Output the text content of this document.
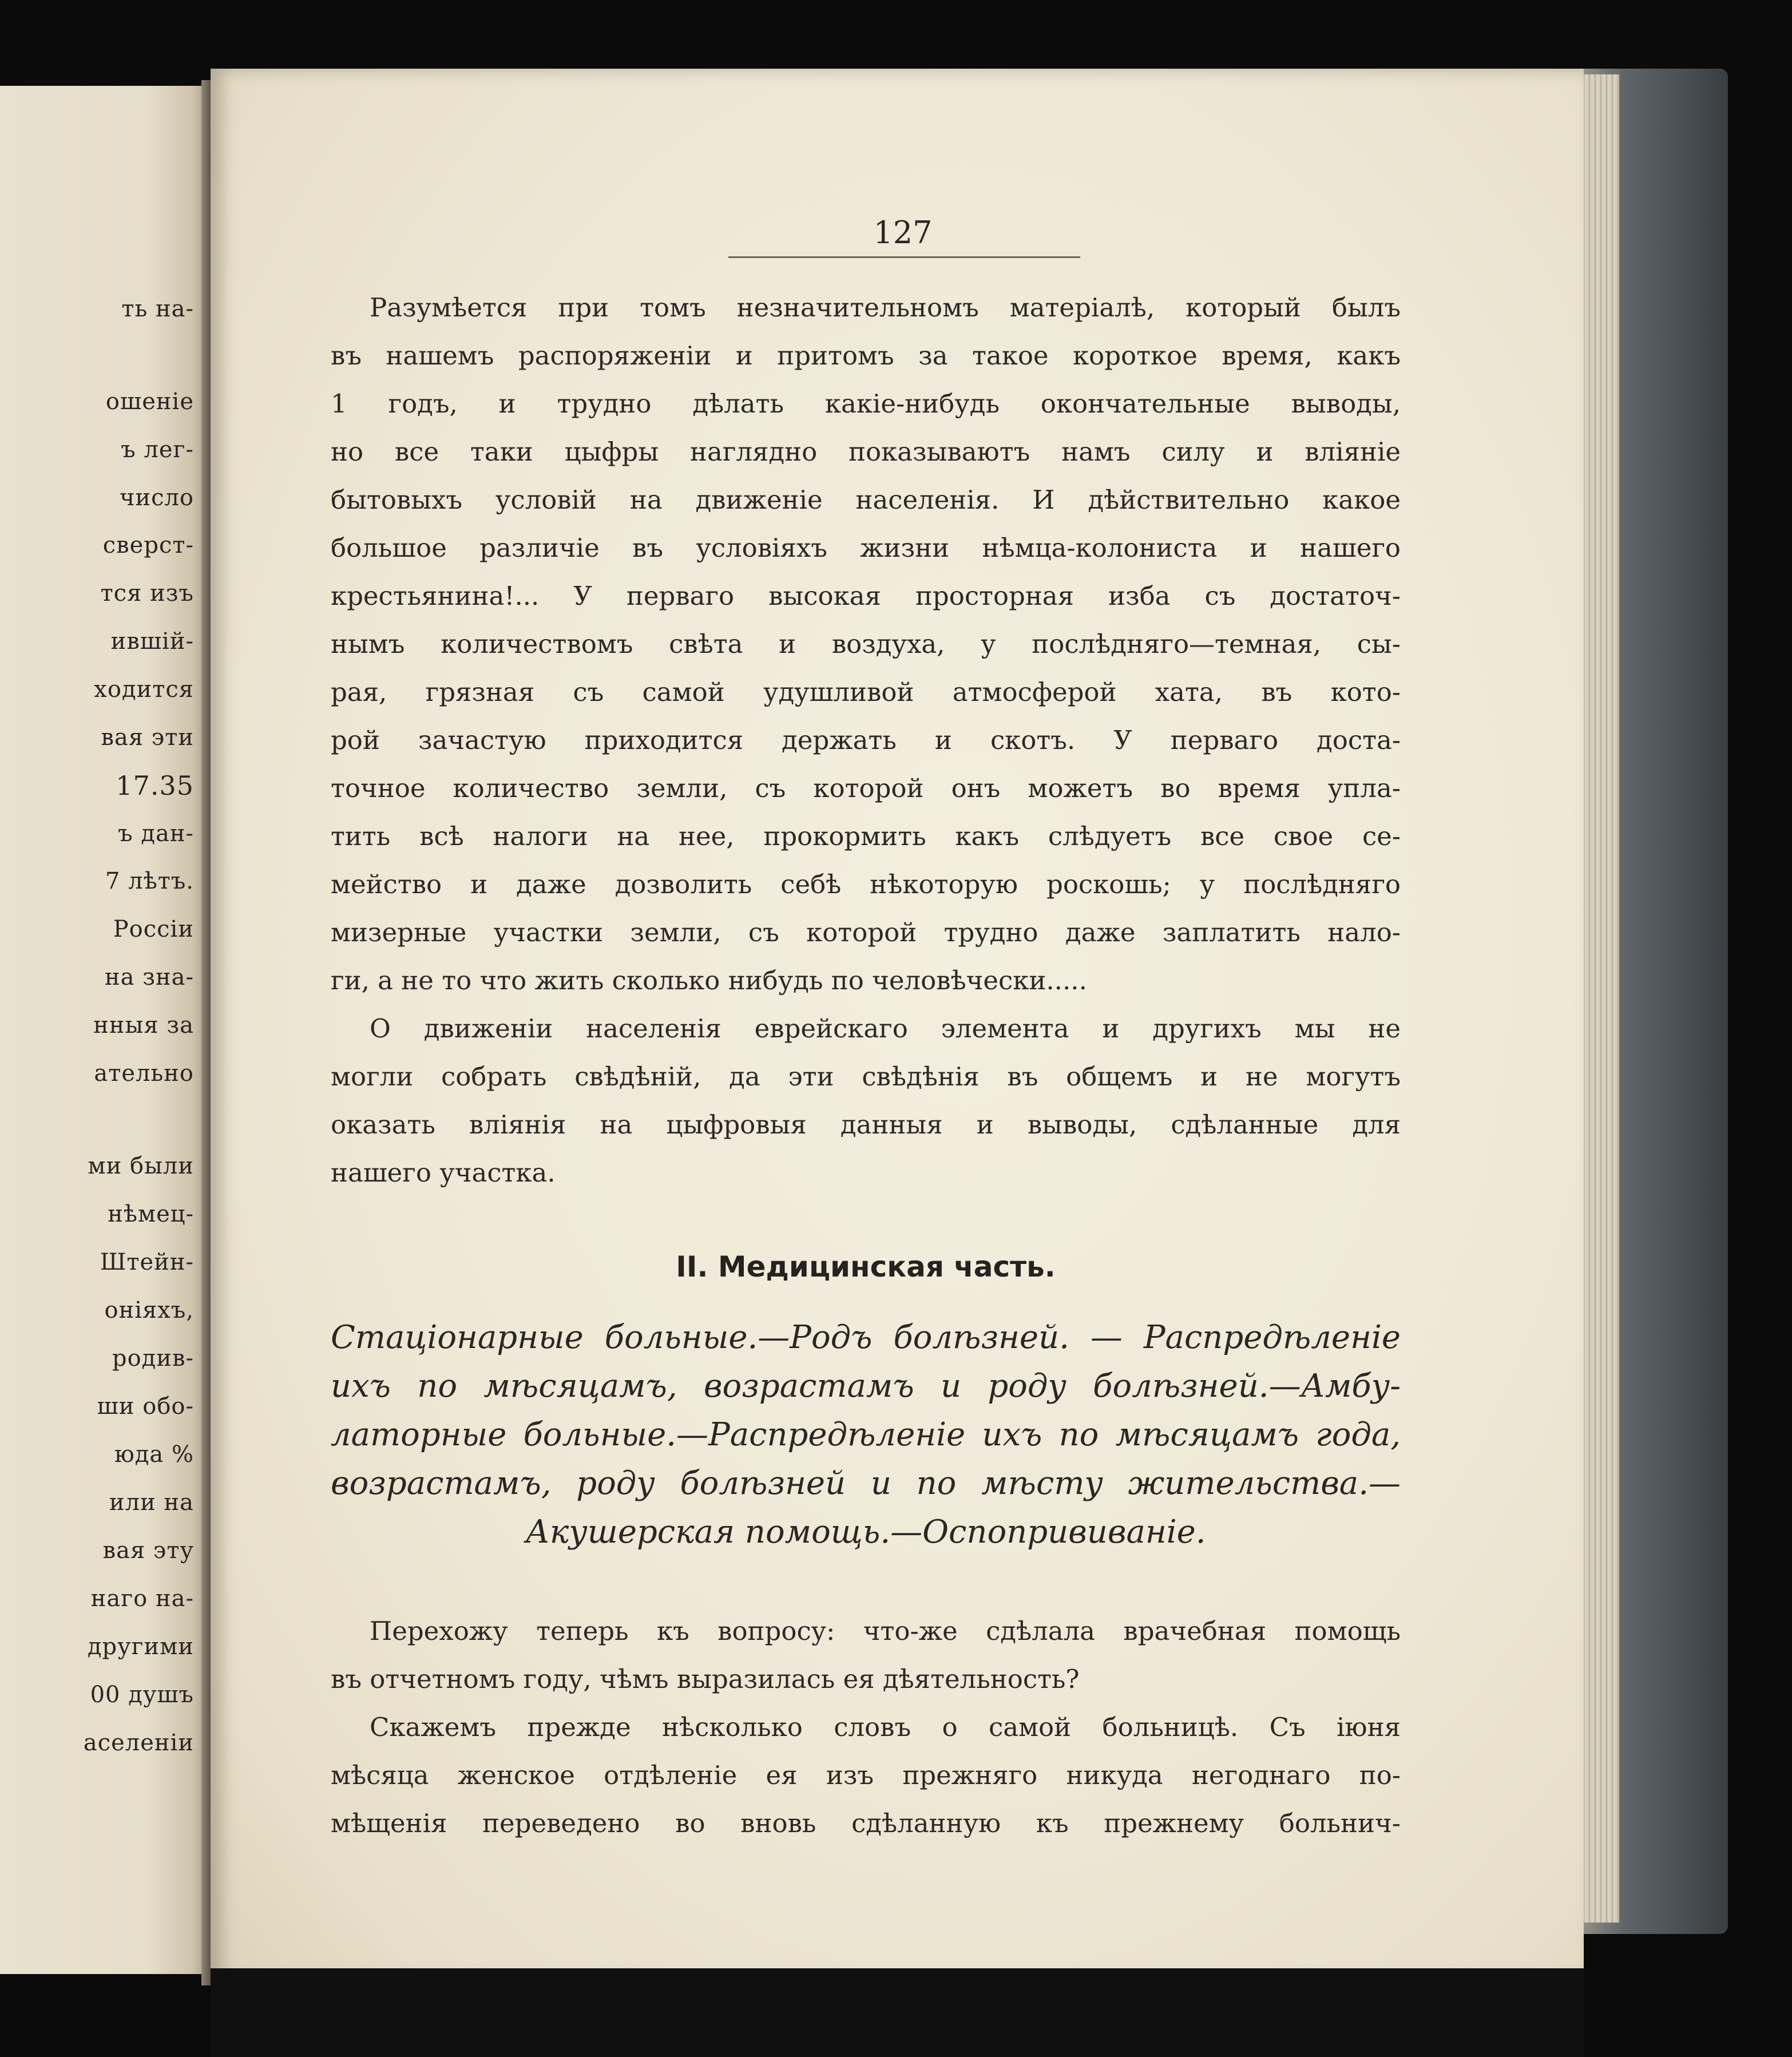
ть на-
ошеніе
ъ лег-
число
сверст-
тся изъ
ившій-
ходится
вая эти
17.35
ъ дан-
7 лѣтъ.
Россіи
на зна-
нныя за
ательно
ми были
нѣмец-
Штейн-
оніяхъ,
родив-
ши обо-
юда %
или на
вая эту
наго на-
другими
00 душъ
аселеніи
127
Разумѣется при томъ незначительномъ матеріалѣ, который былъ
въ нашемъ распоряженіи и притомъ за такое короткое время, какъ
1 годъ, и трудно дѣлать какіе-нибудь окончательные выводы,
но все таки цыфры наглядно показываютъ намъ силу и вліяніе
бытовыхъ условій на движеніе населенія. И дѣйствительно какое
большое различіе въ условіяхъ жизни нѣмца-колониста и нашего
крестьянина!... У перваго высокая просторная изба съ достаточ-
нымъ количествомъ свѣта и воздуха, у послѣдняго—темная, сы-
рая, грязная съ самой удушливой атмосферой хата, въ кото-
рой зачастую приходится держать и скотъ. У перваго доста-
точное количество земли, съ которой онъ можетъ во время упла-
тить всѣ налоги на нее, прокормить какъ слѣдуетъ все свое се-
мейство и даже дозволить себѣ нѣкоторую роскошь; у послѣдняго
мизерные участки земли, съ которой трудно даже заплатить нало-
ги, а не то что жить сколько нибудь по человѣчески.....
О движеніи населенія еврейскаго элемента и другихъ мы не
могли собрать свѣдѣній, да эти свѣдѣнія въ общемъ и не могутъ
оказать вліянія на цыфровыя данныя и выводы, сдѣланные для
нашего участка.
II. Медицинская часть.
Стаціонарные больные.—Родъ болѣзней. — Распредѣленіе
ихъ по мѣсяцамъ, возрастамъ и роду болѣзней.—Амбу-
латорные больные.—Распредѣленіе ихъ по мѣсяцамъ года,
возрастамъ, роду болѣзней и по мѣсту жительства.—
Акушерская помощь.—Оспопрививаніе.
Перехожу теперь къ вопросу: что-же сдѣлала врачебная помощь
въ отчетномъ году, чѣмъ выразилась ея дѣятельность?
Скажемъ прежде нѣсколько словъ о самой больницѣ. Съ іюня
мѣсяца женское отдѣленіе ея изъ прежняго никуда негоднаго по-
мѣщенія переведено во вновь сдѣланную къ прежнему больнич-
